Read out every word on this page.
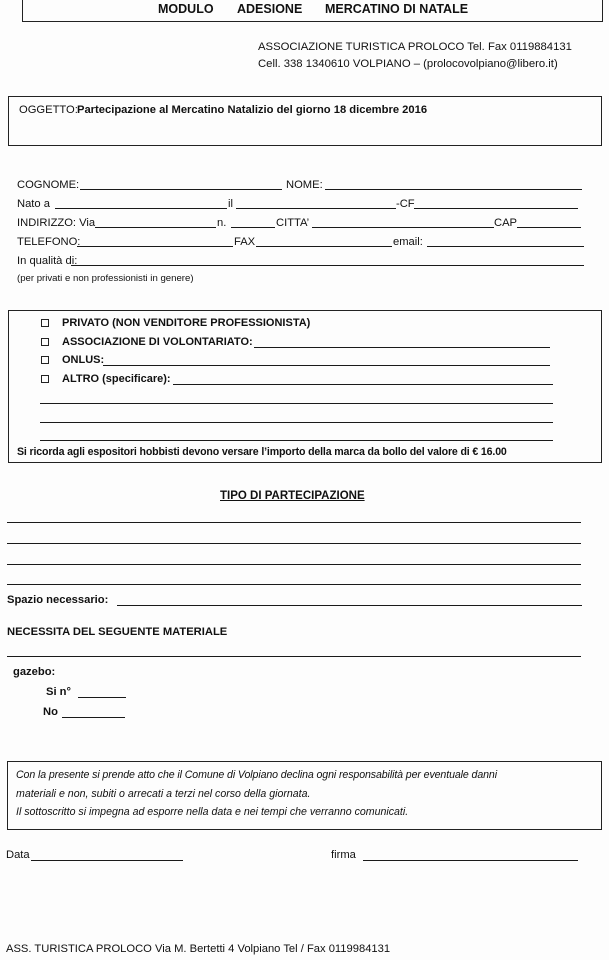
MODULO ADESIONE MERCATINO DI NATALE
ASSOCIAZIONE TURISTICA PROLOCO Tel. Fax 0119884131
Cell. 338 1340610 VOLPIANO – (prolocovolpiano@libero.it)
OGGETTO: Partecipazione al Mercatino Natalizio del giorno 18 dicembre 2016
COGNOME:	NOME:
Nato a	il	-CF
INDIRIZZO: Via	n.	CITTA’	CAP
TELEFONO:	FAX	email:
In qualità di:
(per privati e non professionisti in genere)
PRIVATO (NON VENDITORE PROFESSIONISTA)
ASSOCIAZIONE DI VOLONTARIATO:
ONLUS:
ALTRO (specificare):
Si ricorda agli espositori hobbisti devono versare l’importo della marca da bollo del valore di € 16.00
TIPO DI PARTECIPAZIONE
Spazio necessario:
NECESSITA DEL SEGUENTE MATERIALE
gazebo:
Si n°
No
Con la presente si prende atto che il Comune di Volpiano declina ogni responsabilità per eventuale danni
materiali e non, subiti o arrecati a terzi nel corso della giornata.
Il sottoscritto si impegna ad esporre nella data e nei tempi che verranno comunicati.
Data	firma
ASS. TURISTICA PROLOCO Via M. Bertetti 4 Volpiano Tel / Fax 0119984131
